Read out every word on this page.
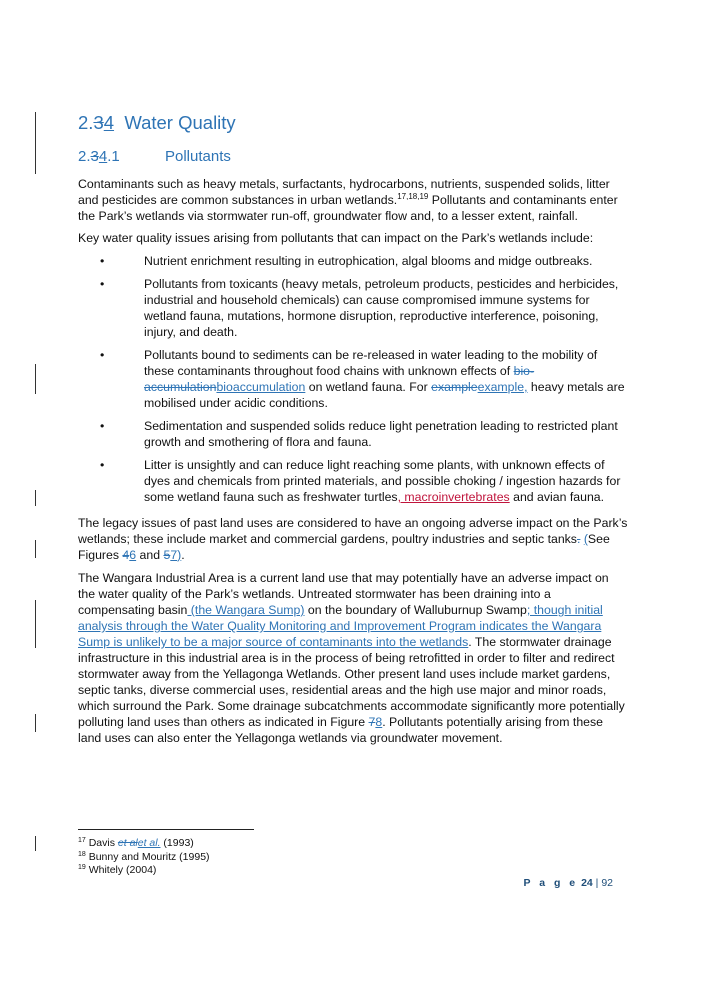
2.34 Water Quality
2.34.1	Pollutants

Contaminants such as heavy metals, surfactants, hydrocarbons, nutrients, suspended solids, litter and pesticides are common substances in urban wetlands.$^{17,18,19}$ Pollutants and contaminants enter the Park’s wetlands via stormwater run-off, groundwater flow and, to a lesser extent, rainfall.

Key water quality issues arising from pollutants that can impact on the Park’s wetlands include:

•	Nutrient enrichment resulting in eutrophication, algal blooms and midge outbreaks.
•	Pollutants from toxicants (heavy metals, petroleum products, pesticides and herbicides, industrial and household chemicals) can cause compromised immune systems for wetland fauna, mutations, hormone disruption, reproductive interference, poisoning, injury, and death.
•	Pollutants bound to sediments can be re-released in water leading to the mobility of these contaminants throughout food chains with unknown effects of bio-accumulationbioaccumulation on wetland fauna. For exampleexample, heavy metals are mobilised under acidic conditions.
•	Sedimentation and suspended solids reduce light penetration leading to restricted plant growth and smothering of flora and fauna.
•	Litter is unsightly and can reduce light reaching some plants, with unknown effects of dyes and chemicals from printed materials, and possible choking / ingestion hazards for some wetland fauna such as freshwater turtles, macroinvertebrates and avian fauna.

The legacy issues of past land uses are considered to have an ongoing adverse impact on the Park’s wetlands; these include market and commercial gardens, poultry industries and septic tanks. (See Figures 46 and 57).

The Wangara Industrial Area is a current land use that may potentially have an adverse impact on the water quality of the Park’s wetlands. Untreated stormwater has been draining into a compensating basin (the Wangara Sump) on the boundary of Walluburnup Swamp; though initial analysis through the Water Quality Monitoring and Improvement Program indicates the Wangara Sump is unlikely to be a major source of contaminants into the wetlands. The stormwater drainage infrastructure in this industrial area is in the process of being retrofitted in order to filter and redirect stormwater away from the Yellagonga Wetlands. Other present land uses include market gardens, septic tanks, diverse commercial uses, residential areas and the high use major and minor roads, which surround the Park. Some drainage subcatchments accommodate significantly more potentially polluting land uses than others as indicated in Figure 78. Pollutants potentially arising from these land uses can also enter the Yellagonga wetlands via groundwater movement.

$^{17}$ Davis et alet al. (1993)
$^{18}$ Bunny and Mouritz (1995)
$^{19}$ Whitely (2004)
P a g e 24 | 92
